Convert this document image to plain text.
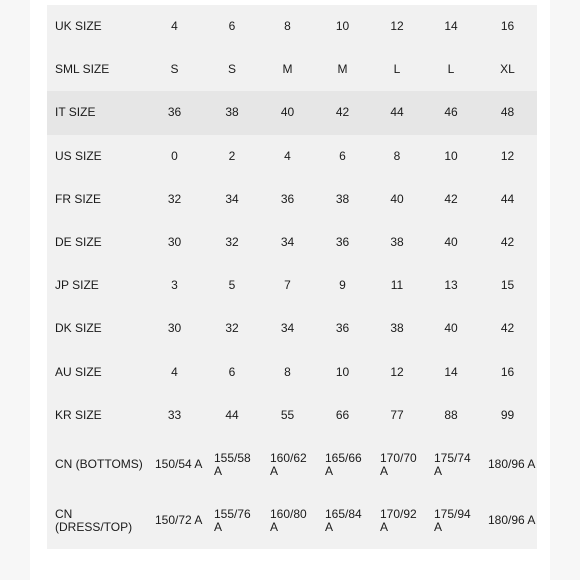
UK SIZE	4	6	8	10	12	14	16
SML SIZE	S	S	M	M	L	L	XL
IT SIZE	36	38	40	42	44	46	48
US SIZE	0	2	4	6	8	10	12
FR SIZE	32	34	36	38	40	42	44
DE SIZE	30	32	34	36	38	40	42
JP SIZE	3	5	7	9	11	13	15
DK SIZE	30	32	34	36	38	40	42
AU SIZE	4	6	8	10	12	14	16
KR SIZE	33	44	55	66	77	88	99
CN (BOTTOMS)	150/54 A	155/58 A	160/62 A	165/66 A	170/70 A	175/74 A	180/96 A
CN (DRESS/TOP)	150/72 A	155/76 A	160/80 A	165/84 A	170/92 A	175/94 A	180/96 A
